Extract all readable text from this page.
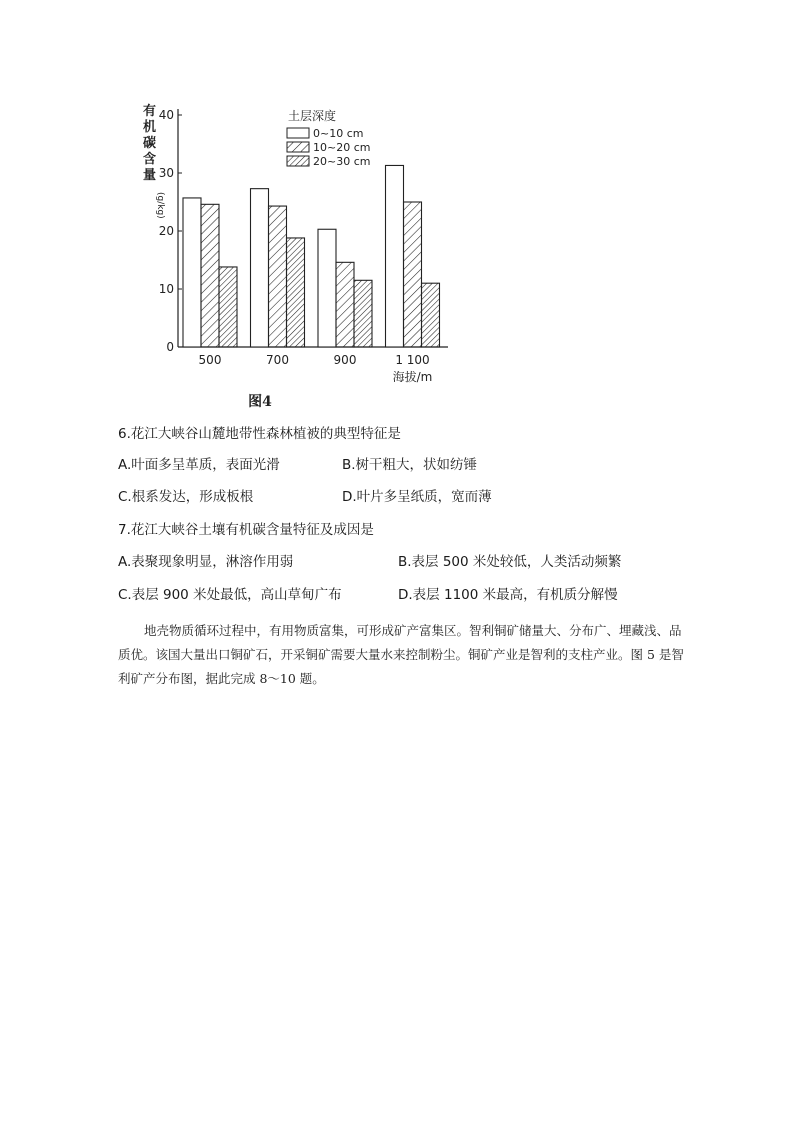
有
机
碳
含
量
(g/kg)
0
10
20
30
40
500	700	900	1 100
海拔/m
土层深度
0~10 cm
10~20 cm
20~30 cm
图4
6.花江大峡谷山麓地带性森林植被的典型特征是
A.叶面多呈革质，表面光滑	B.树干粗大，状如纺锤
C.根系发达，形成板根	D.叶片多呈纸质，宽而薄
7.花江大峡谷土壤有机碳含量特征及成因是
A.表聚现象明显，淋溶作用弱	B.表层 500 米处较低，人类活动频繁
C.表层 900 米处最低，高山草甸广布	D.表层 1100 米最高，有机质分解慢
地壳物质循环过程中，有用物质富集，可形成矿产富集区。智利铜矿储量大、分布广、埋藏浅、品质优。该国大量出口铜矿石，开采铜矿需要大量水来控制粉尘。铜矿产业是智利的支柱产业。图 5 是智利矿产分布图，据此完成 8～10 题。
